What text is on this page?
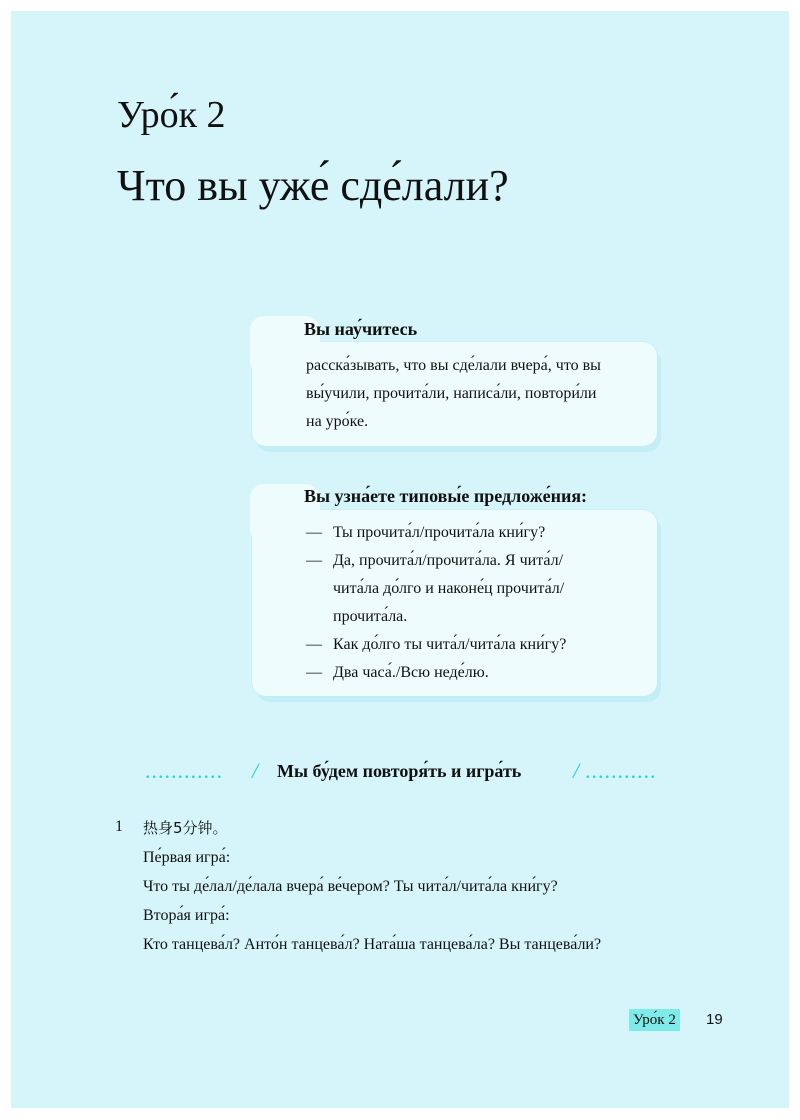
Уро́к 2
Что вы уже́ сде́лали?
Вы нау́читесь
расска́зывать, что вы сде́лали вчера́, что вы
вы́учили, прочита́ли, написа́ли, повтори́ли
на уро́ке.
Вы узна́ете типовы́е предложе́ния:
— Ты прочита́л/прочита́ла кни́гу?
— Да, прочита́л/прочита́ла. Я чита́л/
чита́ла до́лго и наконе́ц прочита́л/
прочита́ла.
— Как до́лго ты чита́л/чита́ла кни́гу?
— Два часа́./Всю неде́лю.
............ / Мы бу́дем повторя́ть и игра́ть / ...........
1 热身5分钟。
Пе́рвая игра́:
Что ты де́лал/де́лала вчера́ ве́чером? Ты чита́л/чита́ла кни́гу?
Втора́я игра́:
Кто танцева́л? Анто́н танцева́л? Ната́ша танцева́ла? Вы танцева́ли?
Уро́к 2 19
